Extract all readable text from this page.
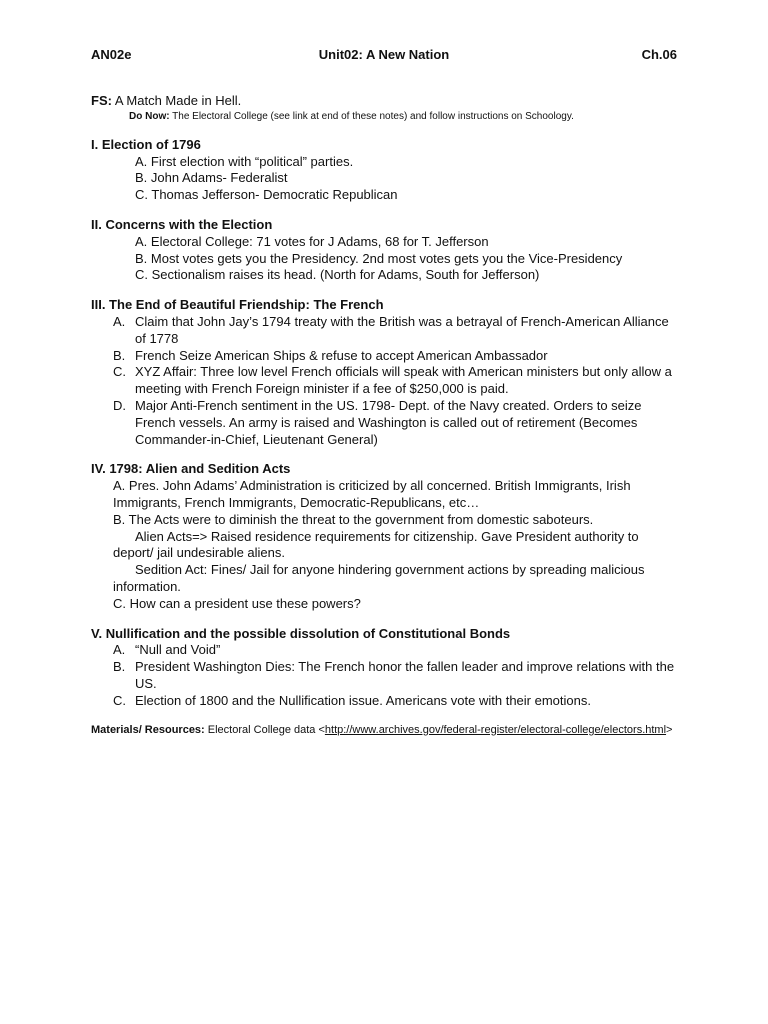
AN02e	Unit02: A New Nation	Ch.06

FS: A Match Made in Hell.

Do Now: The Electoral College (see link at end of these notes) and follow instructions on Schoology.

I. Election of 1796

A. First election with “political” parties.

B. John Adams- Federalist

C. Thomas Jefferson- Democratic Republican

II. Concerns with the Election

A. Electoral College: 71 votes for J Adams, 68 for T. Jefferson

B. Most votes gets you the Presidency. 2nd most votes gets you the Vice-Presidency

C. Sectionalism raises its head. (North for Adams, South for Jefferson)

III. The End of Beautiful Friendship: The French

A. Claim that John Jay’s 1794 treaty with the British was a betrayal of French-American Alliance of 1778
B. French Seize American Ships & refuse to accept American Ambassador
C. XYZ Affair: Three low level French officials will speak with American ministers but only allow a meeting with French Foreign minister if a fee of $250,000 is paid.
D. Major Anti-French sentiment in the US. 1798- Dept. of the Navy created. Orders to seize French vessels. An army is raised and Washington is called out of retirement (Becomes Commander-in-Chief, Lieutenant General)

IV. 1798: Alien and Sedition Acts

A. Pres. John Adams’ Administration is criticized by all concerned. British Immigrants, Irish Immigrants, French Immigrants, Democratic-Republicans, etc…

B. The Acts were to diminish the threat to the government from domestic saboteurs.

Alien Acts=> Raised residence requirements for citizenship. Gave President authority to deport/ jail undesirable aliens.

Sedition Act: Fines/ Jail for anyone hindering government actions by spreading malicious information.

C. How can a president use these powers?

V. Nullification and the possible dissolution of Constitutional Bonds

A. “Null and Void”
B. President Washington Dies: The French honor the fallen leader and improve relations with the US.
C. Election of 1800 and the Nullification issue. Americans vote with their emotions.

Materials/ Resources: Electoral College data <http://www.archives.gov/federal-register/electoral-college/electors.html>
